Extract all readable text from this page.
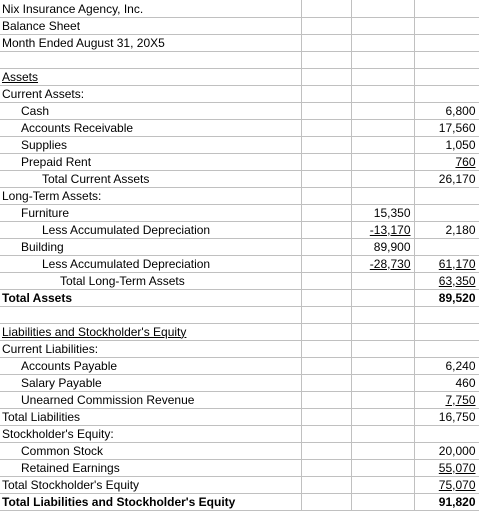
Nix Insurance Agency, Inc.			
Balance Sheet			
Month Ended August 31, 20X5			

Assets			
Current Assets:			
Cash			6,800
Accounts Receivable			17,560
Supplies			1,050
Prepaid Rent			760
Total Current Assets			26,170
Long-Term Assets:			
Furniture		15,350	
Less Accumulated Depreciation		-13,170	2,180
Building		89,900	
Less Accumulated Depreciation		-28,730	61,170
Total Long-Term Assets			63,350
Total Assets			89,520

Liabilities and Stockholder's Equity			
Current Liabilities:			
Accounts Payable			6,240
Salary Payable			460
Unearned Commission Revenue			7,750
Total Liabilities			16,750
Stockholder's Equity:			
Common Stock			20,000
Retained Earnings			55,070
Total Stockholder's Equity			75,070
Total Liabilities and Stockholder's Equity			91,820
